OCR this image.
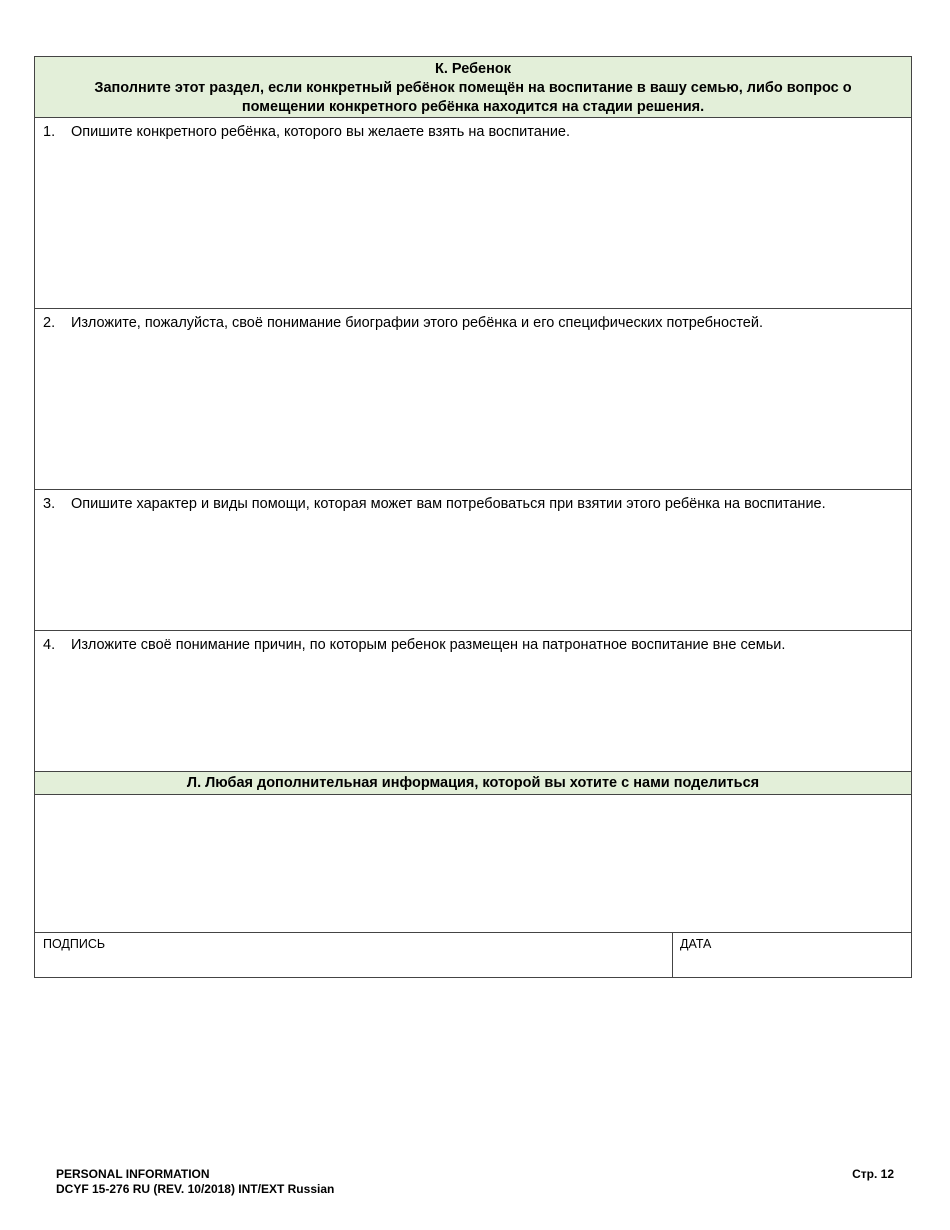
К. Ребенок
Заполните этот раздел, если конкретный ребёнок помещён на воспитание в вашу семью, либо вопрос о помещении конкретного ребёнка находится на стадии решения.
1.	Опишите конкретного ребёнка, которого вы желаете взять на воспитание.
2.	Изложите, пожалуйста, своё понимание биографии этого ребёнка и его специфических потребностей.
3.	Опишите характер и виды помощи, которая может вам потребоваться при взятии этого ребёнка на воспитание.
4.	Изложите своё понимание причин, по которым ребенок размещен на патронатное воспитание вне семьи.
Л. Любая дополнительная информация, которой вы хотите с нами поделиться
ПОДПИСЬ	ДАТА
PERSONAL INFORMATION
DCYF 15-276 RU (REV. 10/2018) INT/EXT Russian
Стр. 12
